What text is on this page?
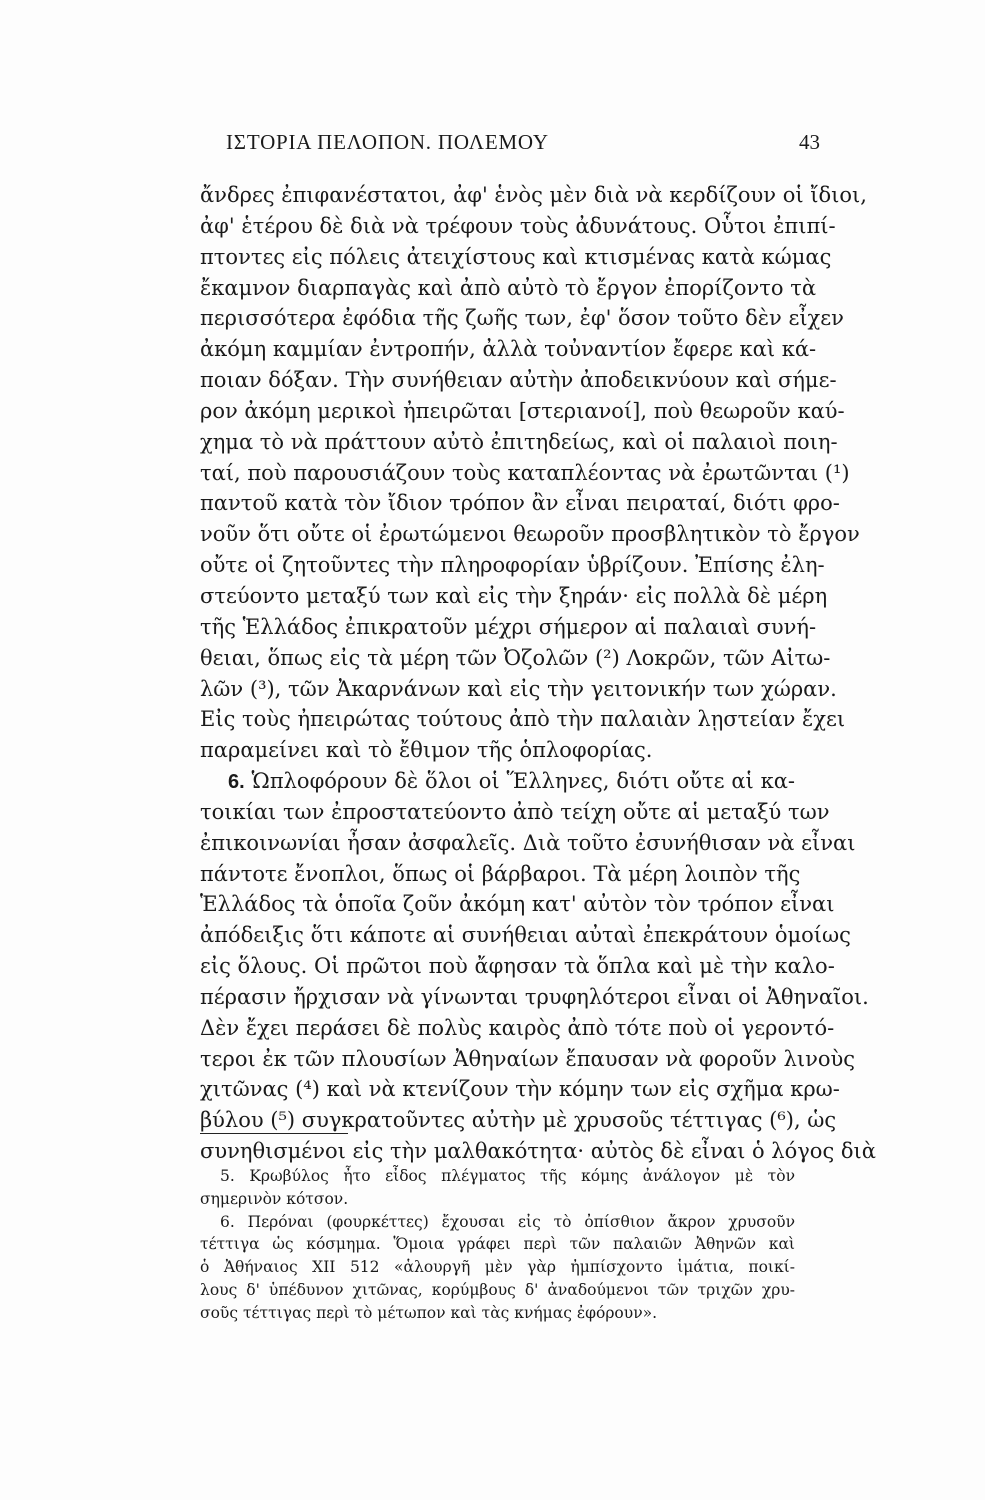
ΙΣΤΟΡΙΑ ΠΕΛΟΠΟΝ. ΠΟΛΕΜΟΥ	43
ἄνδρες ἐπιφανέστατοι, ἀφ' ἑνὸς μὲν διὰ νὰ κερδίζουν οἱ ἴδιοι,
ἀφ' ἑτέρου δὲ διὰ νὰ τρέφουν τοὺς ἀδυνάτους. Οὗτοι ἐπιπί-
πτοντες εἰς πόλεις ἀτειχίστους καὶ κτισμένας κατὰ κώμας
ἔκαμνον διαρπαγὰς καὶ ἀπὸ αὐτὸ τὸ ἔργον ἐπορίζοντο τὰ
περισσότερα ἐφόδια τῆς ζωῆς των, ἐφ' ὅσον τοῦτο δὲν εἶχεν
ἀκόμη καμμίαν ἐντροπήν, ἀλλὰ τοὐναντίον ἔφερε καὶ κά-
ποιαν δόξαν. Τὴν συνήθειαν αὐτὴν ἀποδεικνύουν καὶ σήμε-
ρον ἀκόμη μερικοὶ ἠπειρῶται [στεριανοί], ποὺ θεωροῦν καύ-
χημα τὸ νὰ πράττουν αὐτὸ ἐπιτηδείως, καὶ οἱ παλαιοὶ ποιη-
ταί, ποὺ παρουσιάζουν τοὺς καταπλέοντας νὰ ἐρωτῶνται (¹)
παντοῦ κατὰ τὸν ἴδιον τρόπον ἂν εἶναι πειραταί, διότι φρο-
νοῦν ὅτι οὔτε οἱ ἐρωτώμενοι θεωροῦν προσβλητικὸν τὸ ἔργον
οὔτε οἱ ζητοῦντες τὴν πληροφορίαν ὑβρίζουν. Ἐπίσης ἐλη-
στεύοντο μεταξύ των καὶ εἰς τὴν ξηράν· εἰς πολλὰ δὲ μέρη
τῆς Ἑλλάδος ἐπικρατοῦν μέχρι σήμερον αἱ παλαιαὶ συνή-
θειαι, ὅπως εἰς τὰ μέρη τῶν Ὀζολῶν (²) Λοκρῶν, τῶν Αἰτω-
λῶν (³), τῶν Ἀκαρνάνων καὶ εἰς τὴν γειτονικήν των χώραν.
Εἰς τοὺς ἠπειρώτας τούτους ἀπὸ τὴν παλαιὰν λῃστείαν ἔχει
παραμείνει καὶ τὸ ἔθιμον τῆς ὁπλοφορίας.
6. Ὡπλοφόρουν δὲ ὅλοι οἱ Ἕλληνες, διότι οὔτε αἱ κα-
τοικίαι των ἐπροστατεύοντο ἀπὸ τείχη οὔτε αἱ μεταξύ των
ἐπικοινωνίαι ἦσαν ἀσφαλεῖς. Διὰ τοῦτο ἐσυνήθισαν νὰ εἶναι
πάντοτε ἔνοπλοι, ὅπως οἱ βάρβαροι. Τὰ μέρη λοιπὸν τῆς
Ἑλλάδος τὰ ὁποῖα ζοῦν ἀκόμη κατ' αὐτὸν τὸν τρόπον εἶναι
ἀπόδειξις ὅτι κάποτε αἱ συνήθειαι αὐταὶ ἐπεκράτουν ὁμοίως
εἰς ὅλους. Οἱ πρῶτοι ποὺ ἄφησαν τὰ ὅπλα καὶ μὲ τὴν καλο-
πέρασιν ἤρχισαν νὰ γίνωνται τρυφηλότεροι εἶναι οἱ Ἀθηναῖοι.
Δὲν ἔχει περάσει δὲ πολὺς καιρὸς ἀπὸ τότε ποὺ οἱ γεροντό-
τεροι ἐκ τῶν πλουσίων Ἀθηναίων ἔπαυσαν νὰ φοροῦν λινοὺς
χιτῶνας (⁴) καὶ νὰ κτενίζουν τὴν κόμην των εἰς σχῆμα κρω-
βύλου (⁵) συγκρατοῦντες αὐτὴν μὲ χρυσοῦς τέττιγας (⁶), ὡς
συνηθισμένοι εἰς τὴν μαλθακότητα· αὐτὸς δὲ εἶναι ὁ λόγος διὰ
5. Κρωβύλος ἦτο εἶδος πλέγματος τῆς κόμης ἀνάλογον μὲ τὸν
σημερινὸν κότσον.
6. Περόναι (φουρκέττες) ἔχουσαι εἰς τὸ ὀπίσθιον ἄκρον χρυσοῦν
τέττιγα ὡς κόσμημα. Ὅμοια γράφει περὶ τῶν παλαιῶν Ἀθηνῶν καὶ
ὁ Ἀθήναιος XII 512 «ἁλουργῆ μὲν γὰρ ἠμπίσχοντο ἱμάτια, ποικί-
λους δ' ὑπέδυνον χιτῶνας, κορύμβους δ' ἀναδούμενοι τῶν τριχῶν χρυ-
σοῦς τέττιγας περὶ τὸ μέτωπον καὶ τὰς κνήμας ἐφόρουν».
